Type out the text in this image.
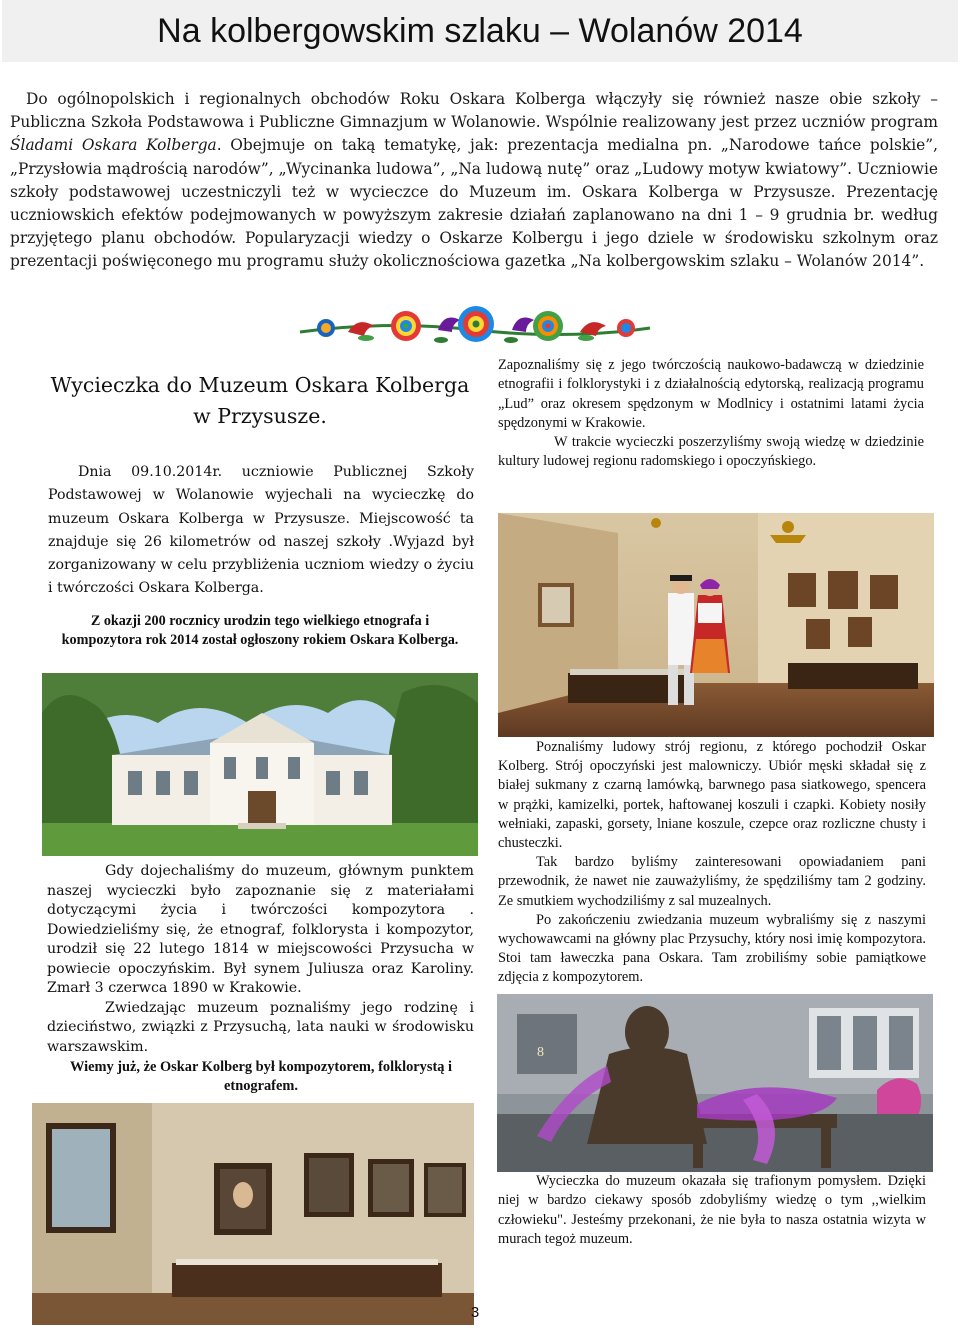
Na kolbergowskim szlaku – Wolanów 2014
Do ogólnopolskich i regionalnych obchodów Roku Oskara Kolberga włączyły się również nasze obie szkoły – Publiczna Szkoła Podstawowa i Publiczne Gimnazjum w Wolanowie. Wspólnie realizowany jest przez uczniów program Śladami Oskara Kolberga. Obejmuje on taką tematykę, jak: prezentacja medialna pn. „Narodowe tańce polskie”, „Przysłowia mądrością narodów”, „Wycinanka ludowa”, „Na ludową nutę” oraz „Ludowy motyw kwiatowy”. Uczniowie szkoły podstawowej uczestniczyli też w wycieczce do Muzeum im. Oskara Kolberga w Przysusze. Prezentację uczniowskich efektów podejmowanych w powyższym zakresie działań zaplanowano na dni 1 – 9 grudnia br. według przyjętego planu obchodów. Popularyzacji wiedzy o Oskarze Kolbergu i jego dziele w środowisku szkolnym oraz prezentacji poświęconego mu programu służy okolicznościowa gazetka „Na kolbergowskim szlaku – Wolanów 2014”.
Wycieczka do Muzeum Oskara Kolberga w Przysusze.

Dnia 09.10.2014r. uczniowie Publicznej Szkoły Podstawowej w Wolanowie wyjechali na wycieczkę do muzeum Oskara Kolberga w Przysusze. Miejscowość ta znajduje się 26 kilometrów od naszej szkoły .Wyjazd był zorganizowany w celu przybliżenia uczniom wiedzy o życiu i twórczości Oskara Kolberga.

Z okazji 200 rocznicy urodzin tego wielkiego etnografa i kompozytora rok 2014 został ogłoszony rokiem Oskara Kolberga.

Zapoznaliśmy się z jego twórczością naukowo-badawczą w dziedzinie etnografii i folklorystyki i z działalnością edytorską, realizacją programu „Lud” oraz okresem spędzonym w Modlnicy i ostatnimi latami życia spędzonymi w Krakowie.

W trakcie wycieczki poszerzyliśmy swoją wiedzę w dziedzinie kultury ludowej regionu radomskiego i opoczyńskiego.

Poznaliśmy ludowy strój regionu, z którego pochodził Oskar Kolberg. Strój opoczyński jest malowniczy. Ubiór męski składał się z białej sukmany z czarną lamówką, barwnego pasa siatkowego, spencera w prążki, kamizelki, portek, haftowanej koszuli i czapki. Kobiety nosiły wełniaki, zapaski, gorsety, lniane koszule, czepce oraz rozliczne chusty i chusteczki.

Tak bardzo byliśmy zainteresowani opowiadaniem pani przewodnik, że nawet nie zauważyliśmy, że spędziliśmy tam 2 godziny. Ze smutkiem wychodziliśmy z sal muzealnych.

Po zakończeniu zwiedzania muzeum wybraliśmy się z naszymi wychowawcami na główny plac Przysuchy, który nosi imię kompozytora. Stoi tam ławeczka pana Oskara. Tam zrobiliśmy sobie pamiątkowe zdjęcia z kompozytorem.

Gdy dojechaliśmy do muzeum, głównym punktem naszej wycieczki było zapoznanie się z materiałami dotyczącymi życia i twórczości kompozytora . Dowiedzieliśmy się, że etnograf, folklorysta i kompozytor, urodził się 22 lutego 1814 w miejscowości Przysucha w powiecie opoczyńskim. Był synem Juliusza oraz Karoliny. Zmarł 3 czerwca 1890 w Krakowie.

Zwiedzając muzeum poznaliśmy jego rodzinę i dzieciństwo, związki z Przysuchą, lata nauki w środowisku warszawskim.

Wiemy już, że Oskar Kolberg był kompozytorem, folklorystą i etnografem.

8

Wycieczka do muzeum okazała się trafionym pomysłem. Dzięki niej w bardzo ciekawy sposób zdobyliśmy wiedzę o tym ,,wielkim człowieku". Jesteśmy przekonani, że nie była to nasza ostatnia wizyta w murach tegoż muzeum.

3
